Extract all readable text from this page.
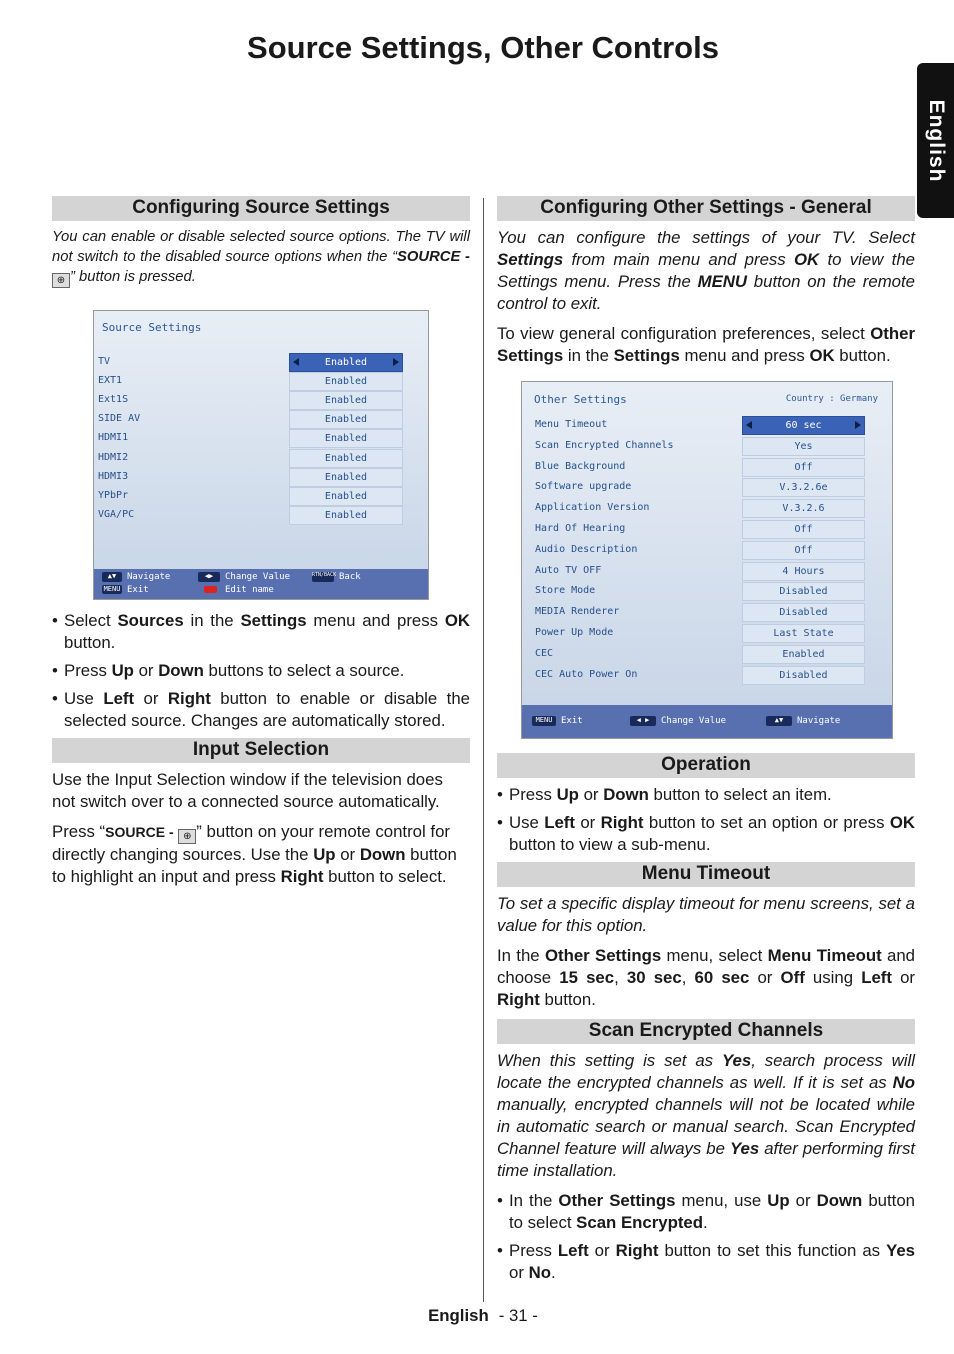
Source Settings, Other Controls
English
Configuring Source Settings

You can enable or disable selected source options. The TV will not switch to the disabled source options when the “SOURCE - ⊕ ” button is pressed.

Source Settings
TV	Enabled
EXT1	Enabled
Ext1S	Enabled
SIDE AV	Enabled
HDMI1	Enabled
HDMI2	Enabled
HDMI3	Enabled
YPbPr	Enabled
VGA/PC	Enabled
▲▼	Navigate
MENU Exit
◀▶	Change Value
Edit name
RTN/BACK Back
• Select Sources in the Settings menu and press OK button.
• Press Up or Down buttons to select a source.
• Use Left or Right button to enable or disable the selected source. Changes are automatically stored.
Input Selection

Use the Input Selection window if the television does not switch over to a connected source automatically.

Press “SOURCE - ⊕ ” button on your remote control for directly changing sources. Use the Up or Down button to highlight an input and press Right button to select.

Configuring Other Settings - General

You can configure the settings of your TV. Select Settings from main menu and press OK to view the Settings menu. Press the MENU button on the remote control to exit.

To view general configuration preferences, select Other Settings in the Settings menu and press OK button.

Other Settings	Country : Germany
Menu Timeout	60 sec
Scan Encrypted Channels	Yes
Blue Background	Off
Software upgrade	V.3.2.6e
Application Version	V.3.2.6
Hard Of Hearing	Off
Audio Description	Off
Auto TV OFF	4 Hours
Store Mode	Disabled
MEDIA Renderer	Disabled
Power Up Mode	Last State
CEC	Enabled
CEC Auto Power On	Disabled
MENU Exit	◀ ▶	Change Value	▲▼	Navigate
Operation
• Press Up or Down button to select an item.
• Use Left or Right button to set an option or press OK button to view a sub-menu.
Menu Timeout

To set a specific display timeout for menu screens, set a value for this option.

In the Other Settings menu, select Menu Timeout and choose 15 sec, 30 sec, 60 sec or Off using Left or Right button.

Scan Encrypted Channels

When this setting is set as Yes, search process will locate the encrypted channels as well. If it is set as No manually, encrypted channels will not be located while in automatic search or manual search. Scan Encrypted Channel feature will always be Yes after performing first time installation.

• In the Other Settings menu, use Up or Down button to select Scan Encrypted.
• Press Left or Right button to set this function as Yes or No.
English - 31 -
